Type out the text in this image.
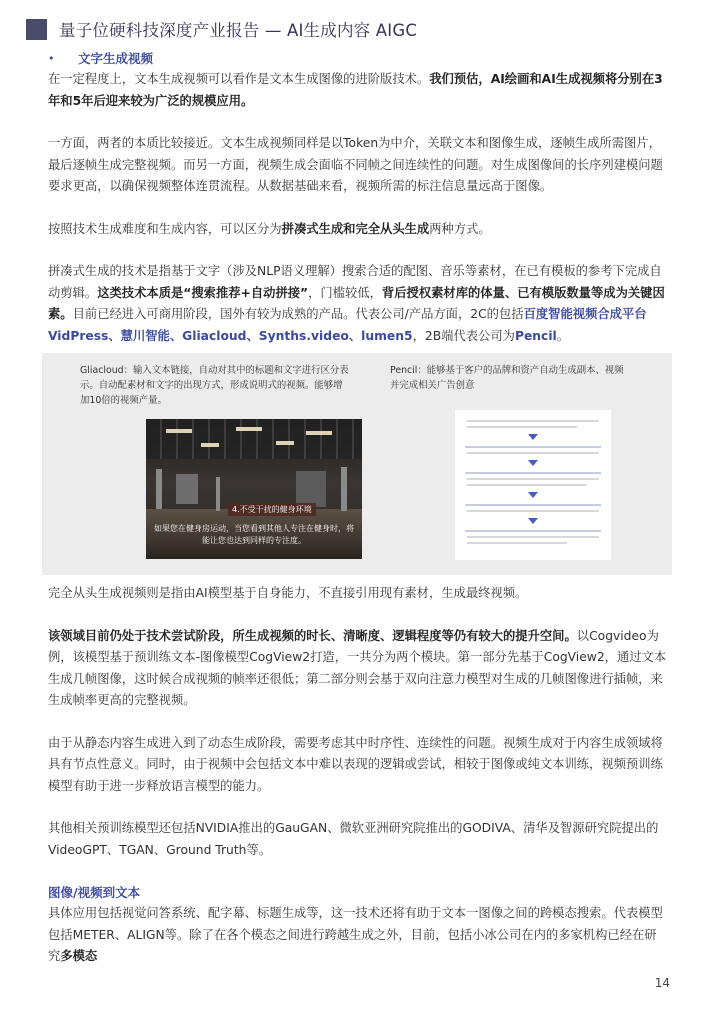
量子位硬科技深度产业报告 — AI生成内容 AIGC
•	文字生成视频

在一定程度上，文本生成视频可以看作是文本生成图像的进阶版技术。我们预估，AI绘画和AI生成视频将分别在3年和5年后迎来较为广泛的规模应用。

一方面，两者的本质比较接近。文本生成视频同样是以Token为中介，关联文本和图像生成，逐帧生成所需图片，最后逐帧生成完整视频。而另一方面，视频生成会面临不同帧之间连续性的问题。对生成图像间的长序列建模问题要求更高，以确保视频整体连贯流程。从数据基础来看，视频所需的标注信息量远高于图像。

按照技术生成难度和生成内容，可以区分为拼凑式生成和完全从头生成两种方式。

拼凑式生成的技术是指基于文字（涉及NLP语义理解）搜索合适的配图、音乐等素材，在已有模板的参考下完成自动剪辑。这类技术本质是“搜索推荐+自动拼接”，门槛较低，背后授权素材库的体量、已有模版数量等成为关键因素。目前已经进入可商用阶段，国外有较为成熟的产品。代表公司/产品方面，2C的包括百度智能视频合成平台VidPress、慧川智能、Gliacloud、Synths.video、lumen5，2B端代表公司为Pencil。

Gliacloud：输入文本链接，自动对其中的标题和文字进行区分表示。自动配素材和文字的出现方式，形成说明式的视频。能够增加10倍的视频产量。
Pencil：能够基于客户的品牌和资产自动生成副本、视频并完成相关广告创意
4.不受干扰的健身环境
如果您在健身房运动，当您看到其他人专注在健身时，将能让您也达到同样的专注度。

完全从头生成视频则是指由AI模型基于自身能力，不直接引用现有素材，生成最终视频。

该领域目前仍处于技术尝试阶段，所生成视频的时长、清晰度、逻辑程度等仍有较大的提升空间。以Cogvideo为例，该模型基于预训练文本-图像模型CogView2打造，一共分为两个模块。第一部分先基于CogView2，通过文本生成几帧图像，这时候合成视频的帧率还很低；第二部分则会基于双向注意力模型对生成的几帧图像进行插帧，来生成帧率更高的完整视频。

由于从静态内容生成进入到了动态生成阶段，需要考虑其中时序性、连续性的问题。视频生成对于内容生成领域将具有节点性意义。同时，由于视频中会包括文本中难以表现的逻辑或尝试，相较于图像或纯文本训练，视频预训练模型有助于进一步释放语言模型的能力。

其他相关预训练模型还包括NVIDIA推出的GauGAN、微软亚洲研究院推出的GODIVA、清华及智源研究院提出的VideoGPT、TGAN、Ground Truth等。

图像/视频到文本

具体应用包括视觉问答系统、配字幕、标题生成等，这一技术还将有助于文本一图像之间的跨模态搜索。代表模型包括METER、ALIGN等。除了在各个模态之间进行跨越生成之外，目前，包括小冰公司在内的多家机构已经在研究多模态

14
